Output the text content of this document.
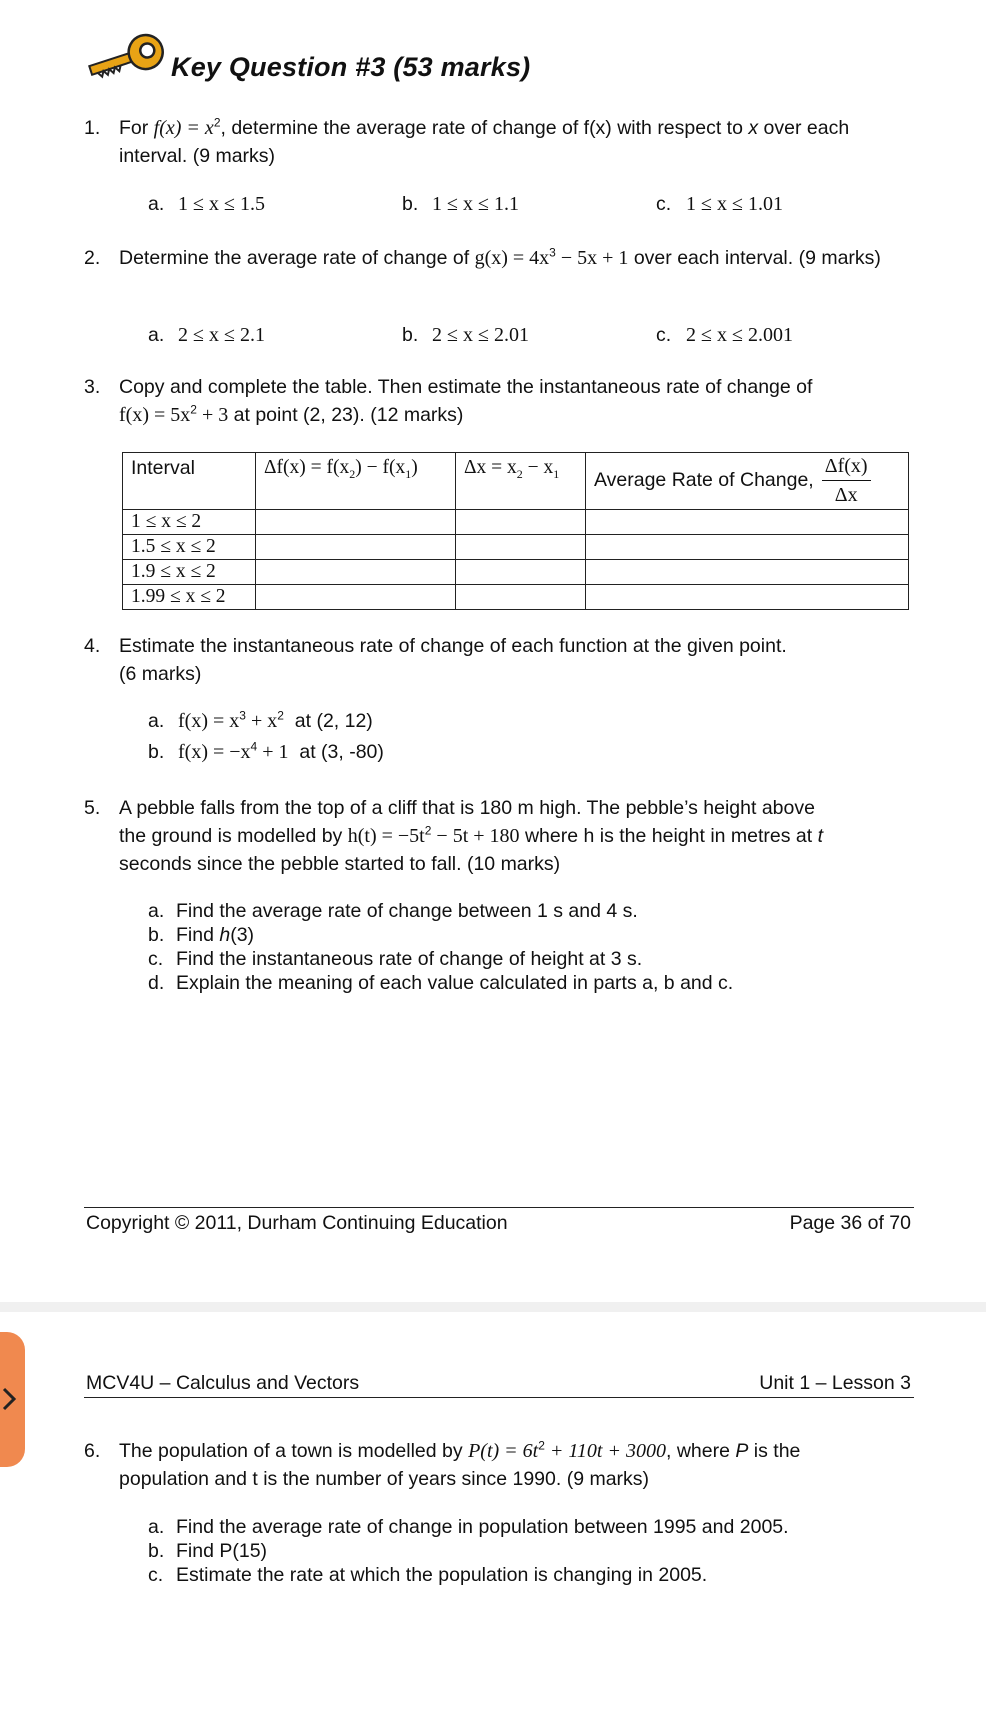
Key Question #3 (53 marks)
1. For $f(x) = x^2$, determine the average rate of change of f(x) with respect to x over each interval. (9 marks)
a. 1 ≤ x ≤ 1.5	b. 1 ≤ x ≤ 1.1	c. 1 ≤ x ≤ 1.01
2. Determine the average rate of change of $g(x) = 4x^3 - 5x + 1$ over each interval. (9 marks)
a. 2 ≤ x ≤ 2.1	b. 2 ≤ x ≤ 2.01	c. 2 ≤ x ≤ 2.001
3. Copy and complete the table. Then estimate the instantaneous rate of change of
$f(x) = 5x^2 + 3$ at point (2, 23). (12 marks)
Interval	$\Delta f(x) = f(x_2) - f(x_1)$	$\Delta x = x_2 - x_1$	Average Rate of Change, $\frac{\Delta f(x)}{\Delta x}$

1 ≤ x ≤ 2			
1.5 ≤ x ≤ 2			
1.9 ≤ x ≤ 2			
1.99 ≤ x ≤ 2			
4. Estimate the instantaneous rate of change of each function at the given point.
(6 marks)
a. $f(x) = x^3 + x^2$ at (2, 12)
b. $f(x) = -x^4 + 1$ at (3, -80)
5. A pebble falls from the top of a cliff that is 180 m high. The pebble’s height above
the ground is modelled by $h(t) = -5t^2 - 5t + 180$ where h is the height in metres at t
seconds since the pebble started to fall. (10 marks)
a. Find the average rate of change between 1 s and 4 s.
b. Find h(3)
c. Find the instantaneous rate of change of height at 3 s.
d. Explain the meaning of each value calculated in parts a, b and c.
Copyright © 2011, Durham Continuing Education	Page 36 of 70
MCV4U – Calculus and Vectors	Unit 1 – Lesson 3
6. The population of a town is modelled by $P(t) = 6t^2 + 110t + 3000$, where P is the
population and t is the number of years since 1990. (9 marks)
a. Find the average rate of change in population between 1995 and 2005.
b. Find P(15)
c. Estimate the rate at which the population is changing in 2005.
